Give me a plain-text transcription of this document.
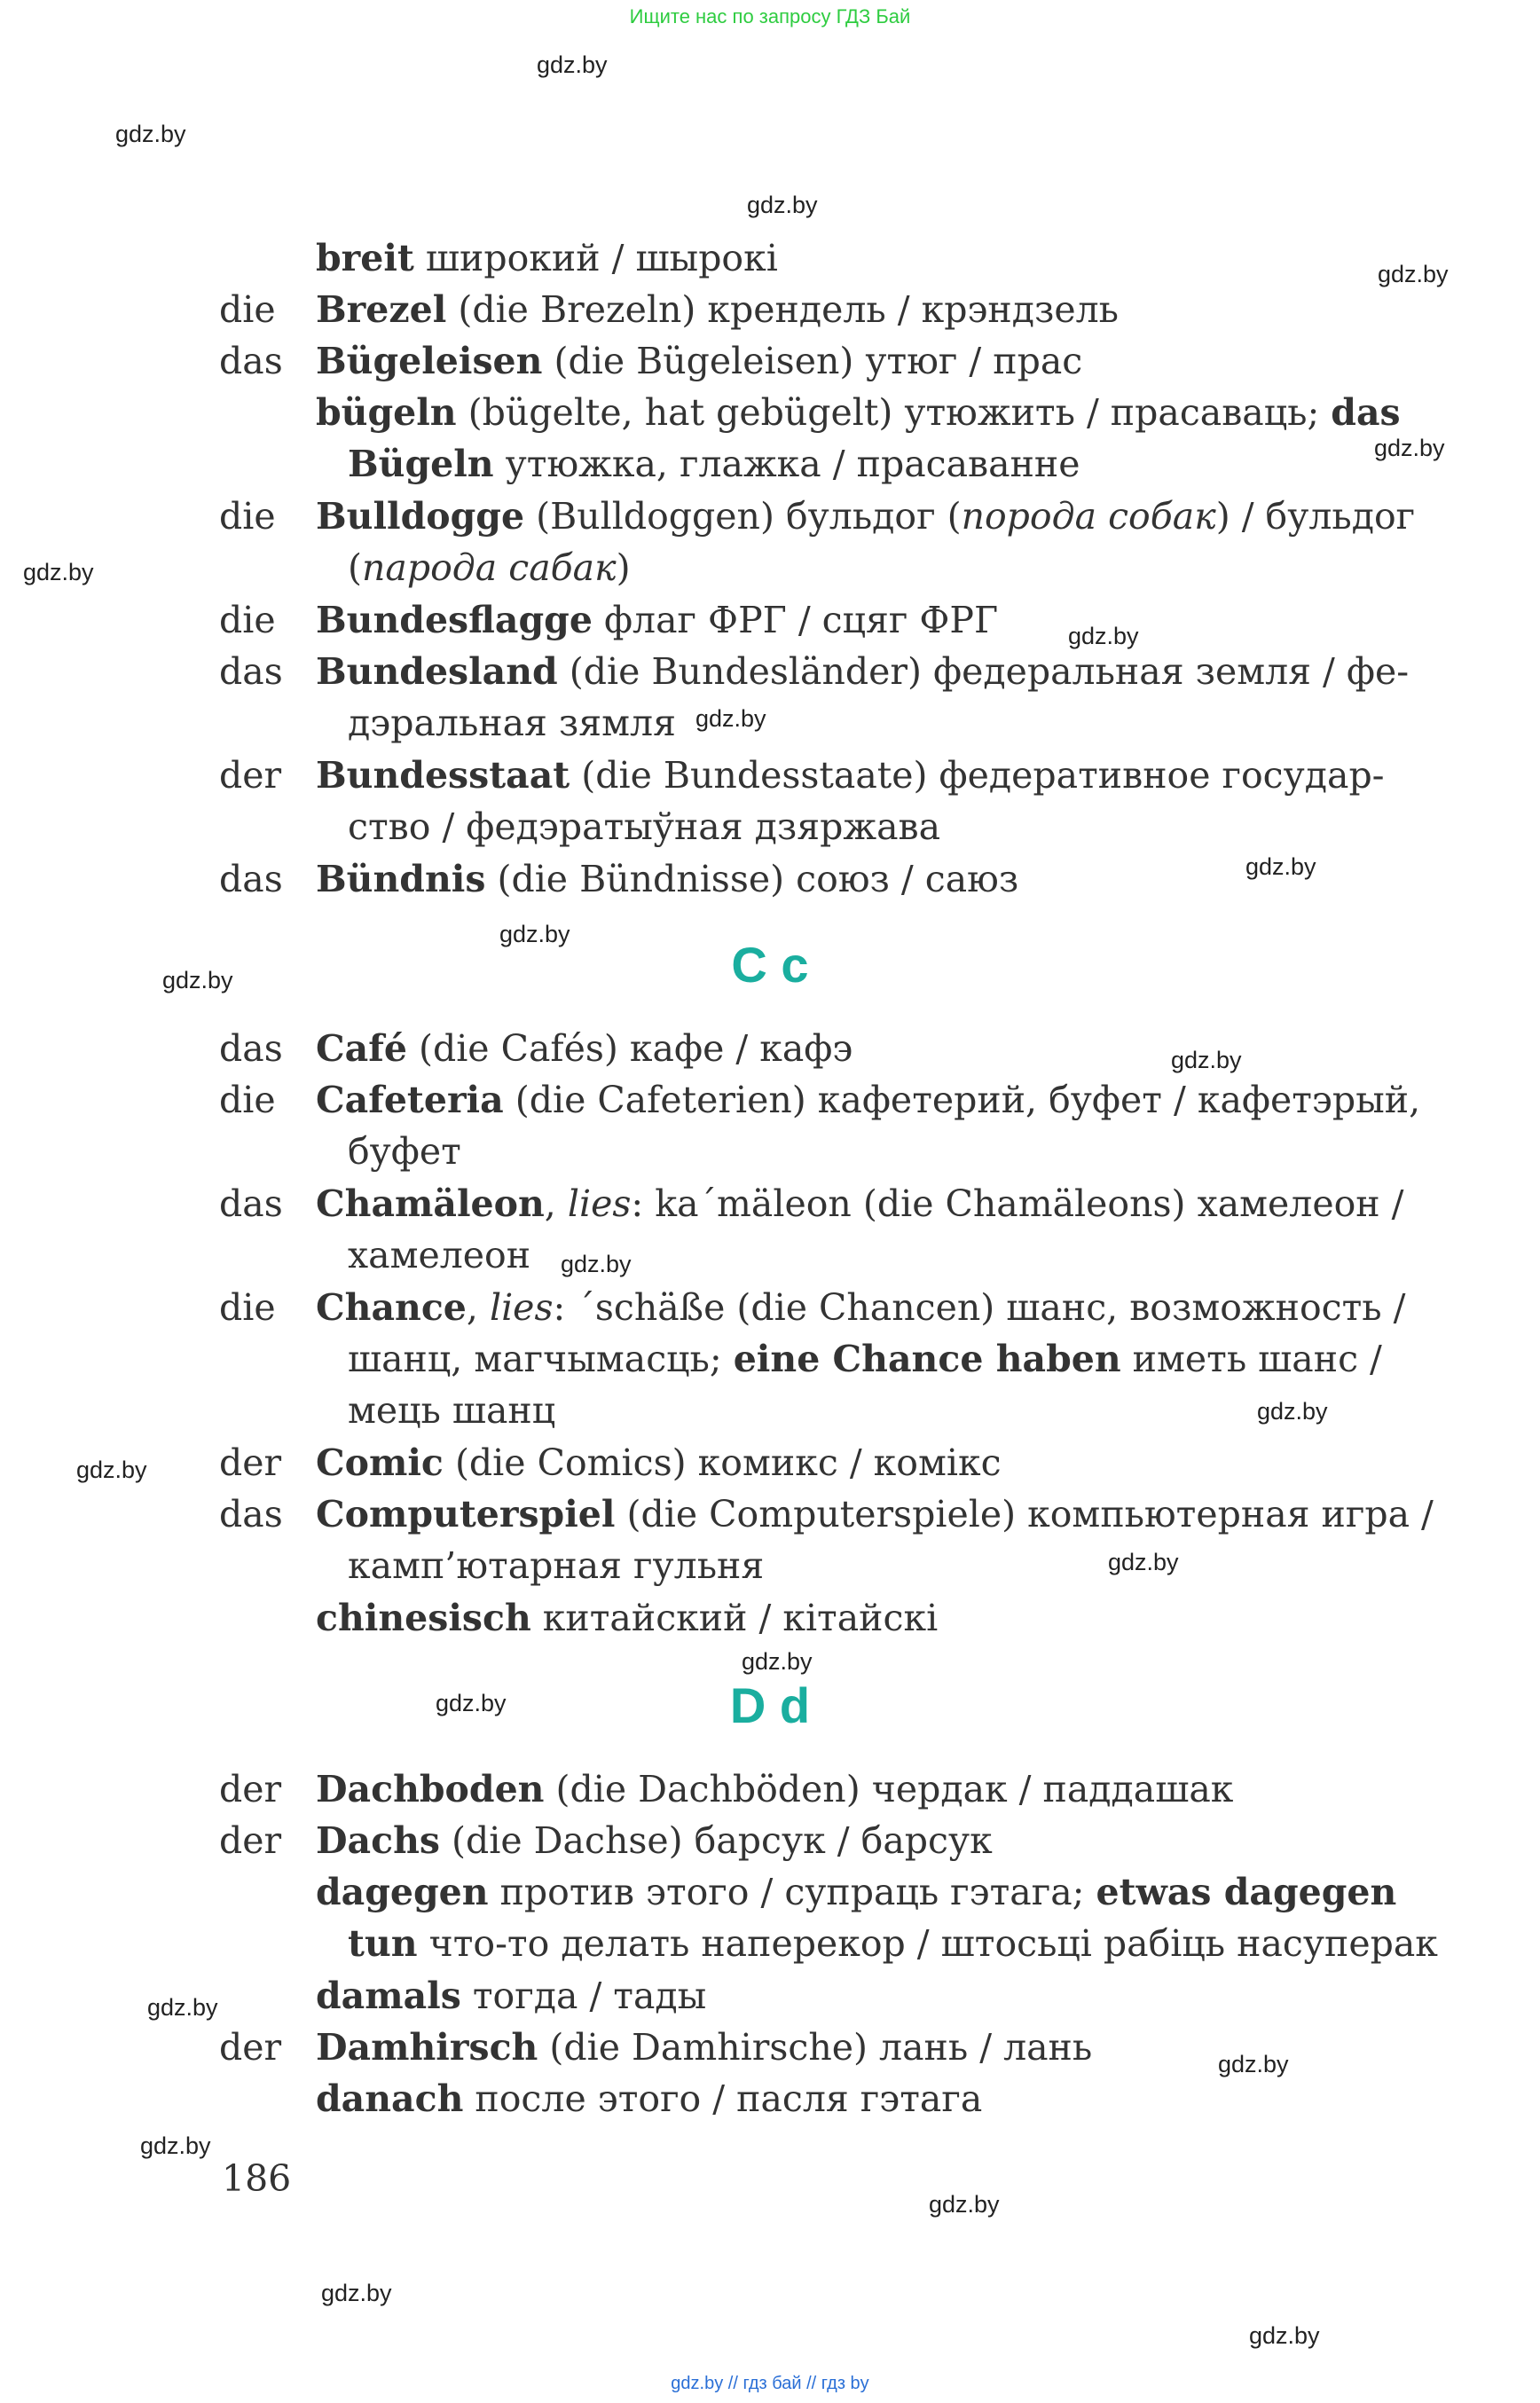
Ищите нас по запросу ГДЗ Бай
gdz.by
gdz.by
gdz.by
gdz.by
gdz.by
gdz.by
gdz.by
gdz.by
gdz.by
gdz.by
gdz.by
gdz.by
gdz.by
gdz.by
gdz.by
gdz.by
gdz.by
gdz.by
gdz.by
gdz.by
gdz.by
gdz.by
gdz.by
gdz.by
breit широкий / шырокі
die Brezel (die Brezeln) крендель / крэндзель
das Bügeleisen (die Bügeleisen) утюг / прас
bügeln (bügelte, hat gebügelt) утюжить / прасаваць; das
Bügeln утюжка, глажка / прасаванне
die Bulldogge (Bulldoggen) бульдог (порода собак) / бульдог
(парода сабак)
die Bundesflagge флаг ФРГ / сцяг ФРГ
das Bundesland (die Bundesländer) федеральная земля / фе-
дэральная зямля
der Bundesstaat (die Bundesstaate) федеративное государ-
ство / федэратыўная дзяржава
das Bündnis (die Bündnisse) союз / саюз
C c
das Café (die Cafés) кафе / кафэ
die Cafeteria (die Cafeterien) кафетерий, буфет / кафетэрый,
буфет
das Chamäleon, lies: kaˊmäleon (die Chamäleons) хамелеон /
хамелеон
die Chance, lies: ˊschäße (die Chancen) шанс, возможность /
шанц, магчымасць; eine Chance haben иметь шанс /
мець шанц
der Comic (die Comics) комикс / комікс
das Computerspiel (die Computerspiele) компьютерная игра /
камп’ютарная гульня
chinesisch китайский / кітайскі
D d
der Dachboden (die Dachböden) чердак / паддашак
der Dachs (die Dachse) барсук / барсук
dagegen против этого / супраць гэтага; etwas dagegen
tun что-то делать наперекор / штосьці рабіць насуперак
damals тогда / тады
der Damhirsch (die Damhirsche) лань / лань
danach после этого / пасля гэтага
186
gdz.by // гдз бай // гдз by
